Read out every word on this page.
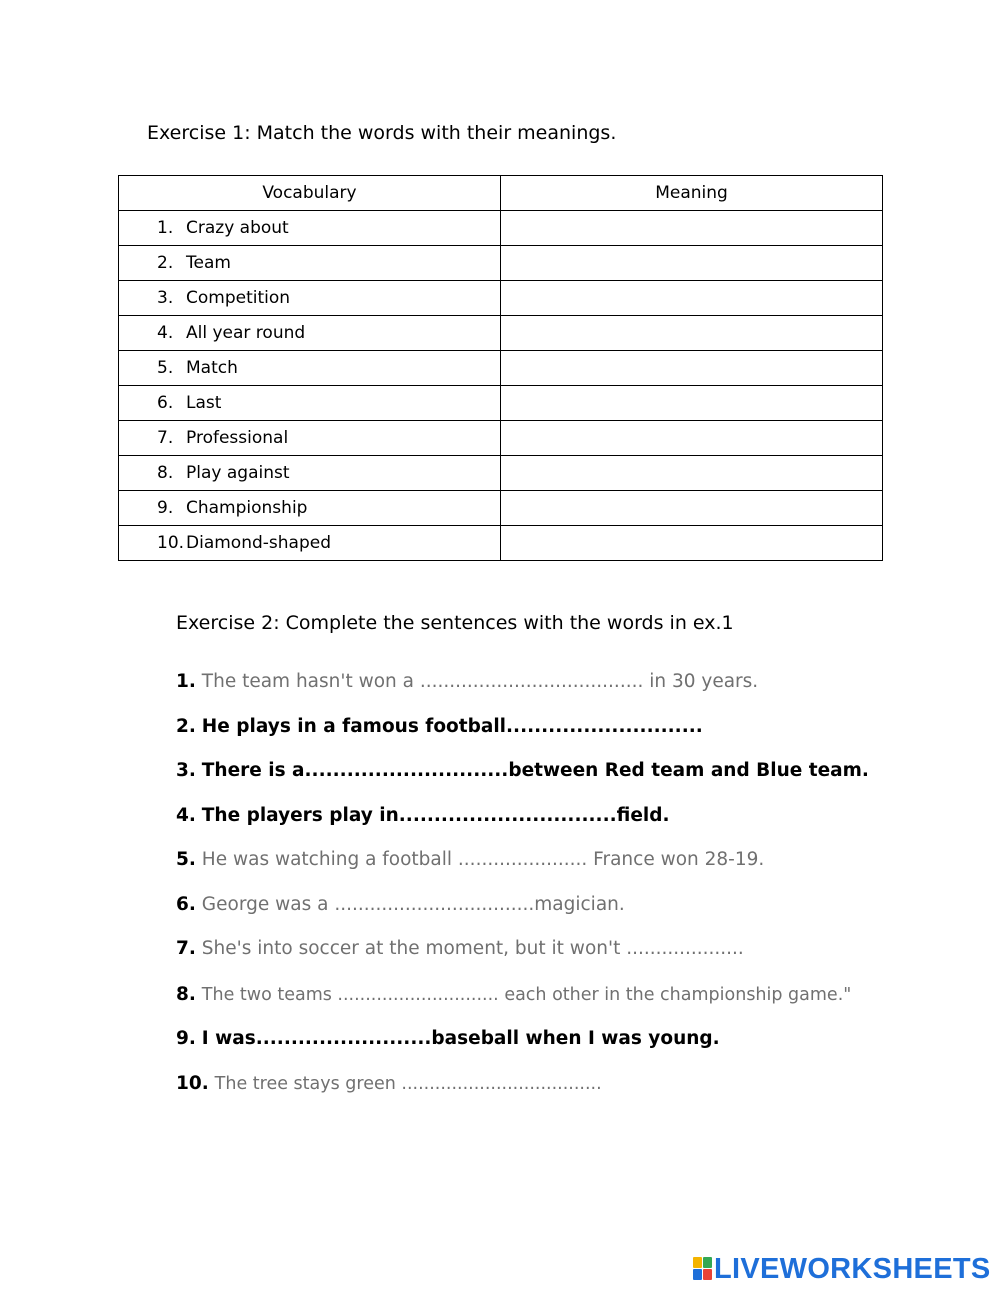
Exercise 1: Match the words with their meanings.
Vocabulary	Meaning
1. Crazy about	
2. Team	
3. Competition	
4. All year round	
5. Match	
6. Last	
7. Professional	
8. Play against	
9. Championship	
10. Diamond-shaped	
Exercise 2: Complete the sentences with the words in ex.1
1. The team hasn't won a ...................................... in 30 years.
2. He plays in a famous football............................
3. There is a.............................between Red team and Blue team.
4. The players play in...............................field.
5. He was watching a football ...................... France won 28-19.
6. George was a ..................................magician.
7. She's into soccer at the moment, but it won't ....................
8. The two teams ............................. each other in the championship game."
9. I was.........................baseball when I was young.
10. The tree stays green ....................................
LIVEWORKSHEETS
